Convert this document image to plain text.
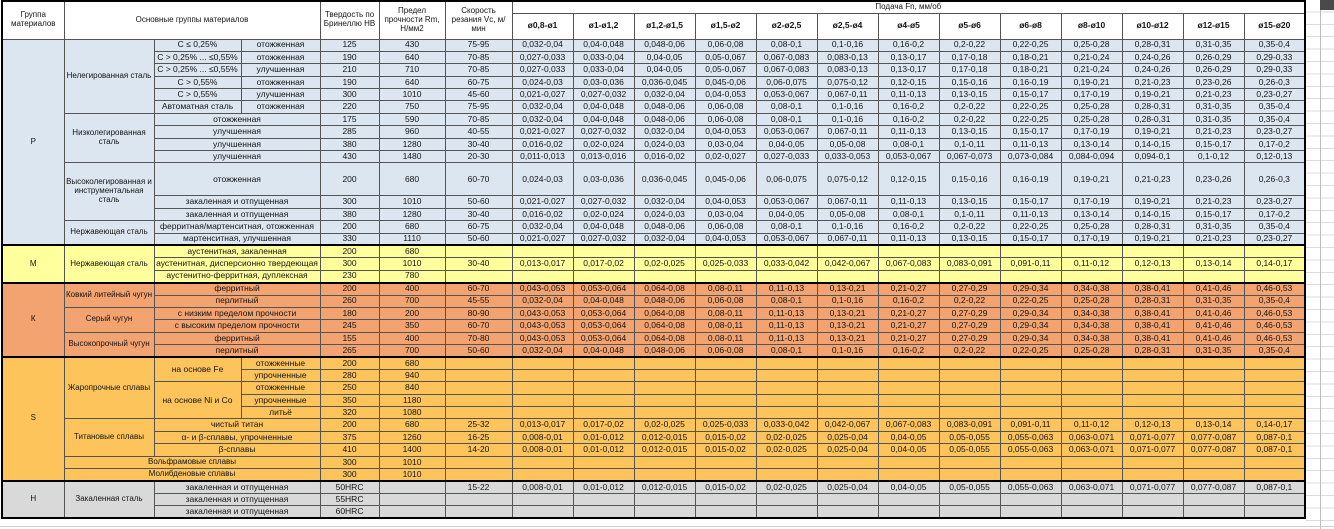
Группа материалов	Основные группы материалов			Твердость по Бринеллю HB	Предел прочности Rm, Н/мм2	Скорость резания Vc, м/мин	Подача Fn, мм/об												
							ø0,8-ø1	ø1-ø1,2	ø1,2-ø1,5	ø1,5-ø2	ø2-ø2,5	ø2,5-ø4	ø4-ø5	ø5-ø6	ø6-ø8	ø8-ø10	ø10-ø12	ø12-ø15	ø15-ø20
Р	Нелегированная сталь	C ≤ 0,25%	отожженная	125	430	75-95	0,032-0,04	0,04-0,048	0,048-0,06	0,06-0,08	0,08-0,1	0,1-0,16	0,16-0,2	0,2-0,22	0,22-0,25	0,25-0,28	0,28-0,31	0,31-0,35	0,35-0,4
		C > 0,25% ... ≤0,55%	отожженная	190	640	70-85	0,027-0,033	0,033-0,04	0,04-0,05	0,05-0,067	0,067-0,083	0,083-0,13	0,13-0,17	0,17-0,18	0,18-0,21	0,21-0,24	0,24-0,26	0,26-0,29	0,29-0,33
		C > 0,25% ... ≤0,55%	улучшенная	210	710	70-85	0,027-0,033	0,033-0,04	0,04-0,05	0,05-0,067	0,067-0,083	0,083-0,13	0,13-0,17	0,17-0,18	0,18-0,21	0,21-0,24	0,24-0,26	0,26-0,29	0,29-0,33
		C > 0,55%	отожженная	190	640	60-75	0,024-0,03	0,03-0,036	0,036-0,045	0,045-0,06	0,06-0,075	0,075-0,12	0,12-0,15	0,15-0,16	0,16-0,19	0,19-0,21	0,21-0,23	0,23-0,26	0,26-0,3
		C > 0,55%	улучшенная	300	1010	45-60	0,021-0,027	0,027-0,032	0,032-0,04	0,04-0,053	0,053-0,067	0,067-0,11	0,11-0,13	0,13-0,15	0,15-0,17	0,17-0,19	0,19-0,21	0,21-0,23	0,23-0,27
		Автоматная сталь	отожженная	220	750	75-95	0,032-0,04	0,04-0,048	0,048-0,06	0,06-0,08	0,08-0,1	0,1-0,16	0,16-0,2	0,2-0,22	0,22-0,25	0,25-0,28	0,28-0,31	0,31-0,35	0,35-0,4
	Низколегированная сталь	отожженная		175	590	70-85	0,032-0,04	0,04-0,048	0,048-0,06	0,06-0,08	0,08-0,1	0,1-0,16	0,16-0,2	0,2-0,22	0,22-0,25	0,25-0,28	0,28-0,31	0,31-0,35	0,35-0,4
		улучшенная		285	960	40-55	0,021-0,027	0,027-0,032	0,032-0,04	0,04-0,053	0,053-0,067	0,067-0,11	0,11-0,13	0,13-0,15	0,15-0,17	0,17-0,19	0,19-0,21	0,21-0,23	0,23-0,27
		улучшенная		380	1280	30-40	0,016-0,02	0,02-0,024	0,024-0,03	0,03-0,04	0,04-0,05	0,05-0,08	0,08-0,1	0,1-0,11	0,11-0,13	0,13-0,14	0,14-0,15	0,15-0,17	0,17-0,2
		улучшенная		430	1480	20-30	0,011-0,013	0,013-0,016	0,016-0,02	0,02-0,027	0,027-0,033	0,033-0,053	0,053-0,067	0,067-0,073	0,073-0,084	0,084-0,094	0,094-0,1	0,1-0,12	0,12-0,13
	Высоколегированная и инструментальная сталь	отожженная		200	680	60-70	0,024-0,03	0,03-0,036	0,036-0,045	0,045-0,06	0,06-0,075	0,075-0,12	0,12-0,15	0,15-0,16	0,16-0,19	0,19-0,21	0,21-0,23	0,23-0,26	0,26-0,3
		закаленная и отпущенная		300	1010	50-60	0,021-0,027	0,027-0,032	0,032-0,04	0,04-0,053	0,053-0,067	0,067-0,11	0,11-0,13	0,13-0,15	0,15-0,17	0,17-0,19	0,19-0,21	0,21-0,23	0,23-0,27
		закаленная и отпущенная		380	1280	30-40	0,016-0,02	0,02-0,024	0,024-0,03	0,03-0,04	0,04-0,05	0,05-0,08	0,08-0,1	0,1-0,11	0,11-0,13	0,13-0,14	0,14-0,15	0,15-0,17	0,17-0,2
	Нержавеющая сталь	ферритная/мартенситная, отожженная		200	680	60-75	0,032-0,04	0,04-0,048	0,048-0,06	0,06-0,08	0,08-0,1	0,1-0,16	0,16-0,2	0,2-0,22	0,22-0,25	0,25-0,28	0,28-0,31	0,31-0,35	0,35-0,4
		мартенситная, улучшенная		330	1110	50-60	0,021-0,027	0,027-0,032	0,032-0,04	0,04-0,053	0,053-0,067	0,067-0,11	0,11-0,13	0,13-0,15	0,15-0,17	0,17-0,19	0,19-0,21	0,21-0,23	0,23-0,27
М	Нержавеющая сталь	аустенитная, закаленная		200	680														
		аустенитная, дисперсионно твердеющая		300	1010	30-40	0,013-0,017	0,017-0,02	0,02-0,025	0,025-0,033	0,033-0,042	0,042-0,067	0,067-0,083	0,083-0,091	0,091-0,11	0,11-0,12	0,12-0,13	0,13-0,14	0,14-0,17
		аустенитно-ферритная, дуплексная		230	780														
К	Ковкий литейный чугун	ферритный		200	400	60-70	0,043-0,053	0,053-0,064	0,064-0,08	0,08-0,11	0,11-0,13	0,13-0,21	0,21-0,27	0,27-0,29	0,29-0,34	0,34-0,38	0,38-0,41	0,41-0,46	0,46-0,53
		перлитный		260	700	45-55	0,032-0,04	0,04-0,048	0,048-0,06	0,06-0,08	0,08-0,1	0,1-0,16	0,16-0,2	0,2-0,22	0,22-0,25	0,25-0,28	0,28-0,31	0,31-0,35	0,35-0,4
	Серый чугун	с низким пределом прочности		180	200	80-90	0,043-0,053	0,053-0,064	0,064-0,08	0,08-0,11	0,11-0,13	0,13-0,21	0,21-0,27	0,27-0,29	0,29-0,34	0,34-0,38	0,38-0,41	0,41-0,46	0,46-0,53
		с высоким пределом прочности		245	350	60-70	0,043-0,053	0,053-0,064	0,064-0,08	0,08-0,11	0,11-0,13	0,13-0,21	0,21-0,27	0,27-0,29	0,29-0,34	0,34-0,38	0,38-0,41	0,41-0,46	0,46-0,53
	Высокопрочный чугун	ферритный		155	400	70-80	0,043-0,053	0,053-0,064	0,064-0,08	0,08-0,11	0,11-0,13	0,13-0,21	0,21-0,27	0,27-0,29	0,29-0,34	0,34-0,38	0,38-0,41	0,41-0,46	0,46-0,53
		перлитный		265	700	50-60	0,032-0,04	0,04-0,048	0,048-0,06	0,06-0,08	0,08-0,1	0,1-0,16	0,16-0,2	0,2-0,22	0,22-0,25	0,25-0,28	0,28-0,31	0,31-0,35	0,35-0,4
S	Жаропрочные сплавы	на основе Fe	отожженные	200	680														
			упрочненные	280	940														
		на основе Ni и Co	отожженные	250	840														
			упрочненные	350	1180														
			литьё	320	1080														
	Титановые сплавы	чистый титан		200	680	25-32	0,013-0,017	0,017-0,02	0,02-0,025	0,025-0,033	0,033-0,042	0,042-0,067	0,067-0,083	0,083-0,091	0,091-0,11	0,11-0,12	0,12-0,13	0,13-0,14	0,14-0,17
		α- и β-сплавы, упрочненные		375	1260	16-25	0,008-0,01	0,01-0,012	0,012-0,015	0,015-0,02	0,02-0,025	0,025-0,04	0,04-0,05	0,05-0,055	0,055-0,063	0,063-0,071	0,071-0,077	0,077-0,087	0,087-0,1
		β-сплавы		410	1400	14-20	0,008-0,01	0,01-0,012	0,012-0,015	0,015-0,02	0,02-0,025	0,025-0,04	0,04-0,05	0,05-0,055	0,055-0,063	0,063-0,071	0,071-0,077	0,077-0,087	0,087-0,1
	Вольфрамовые сплавы			300	1010														
	Молибденовые сплавы			300	1010														
Н	Закаленная сталь	закаленная и отпущенная		50HRC		15-22	0,008-0,01	0,01-0,012	0,012-0,015	0,015-0,02	0,02-0,025	0,025-0,04	0,04-0,05	0,05-0,055	0,055-0,063	0,063-0,071	0,071-0,077	0,077-0,087	0,087-0,1
		закаленная и отпущенная		55HRC															
		закаленная и отпущенная		60HRC															
